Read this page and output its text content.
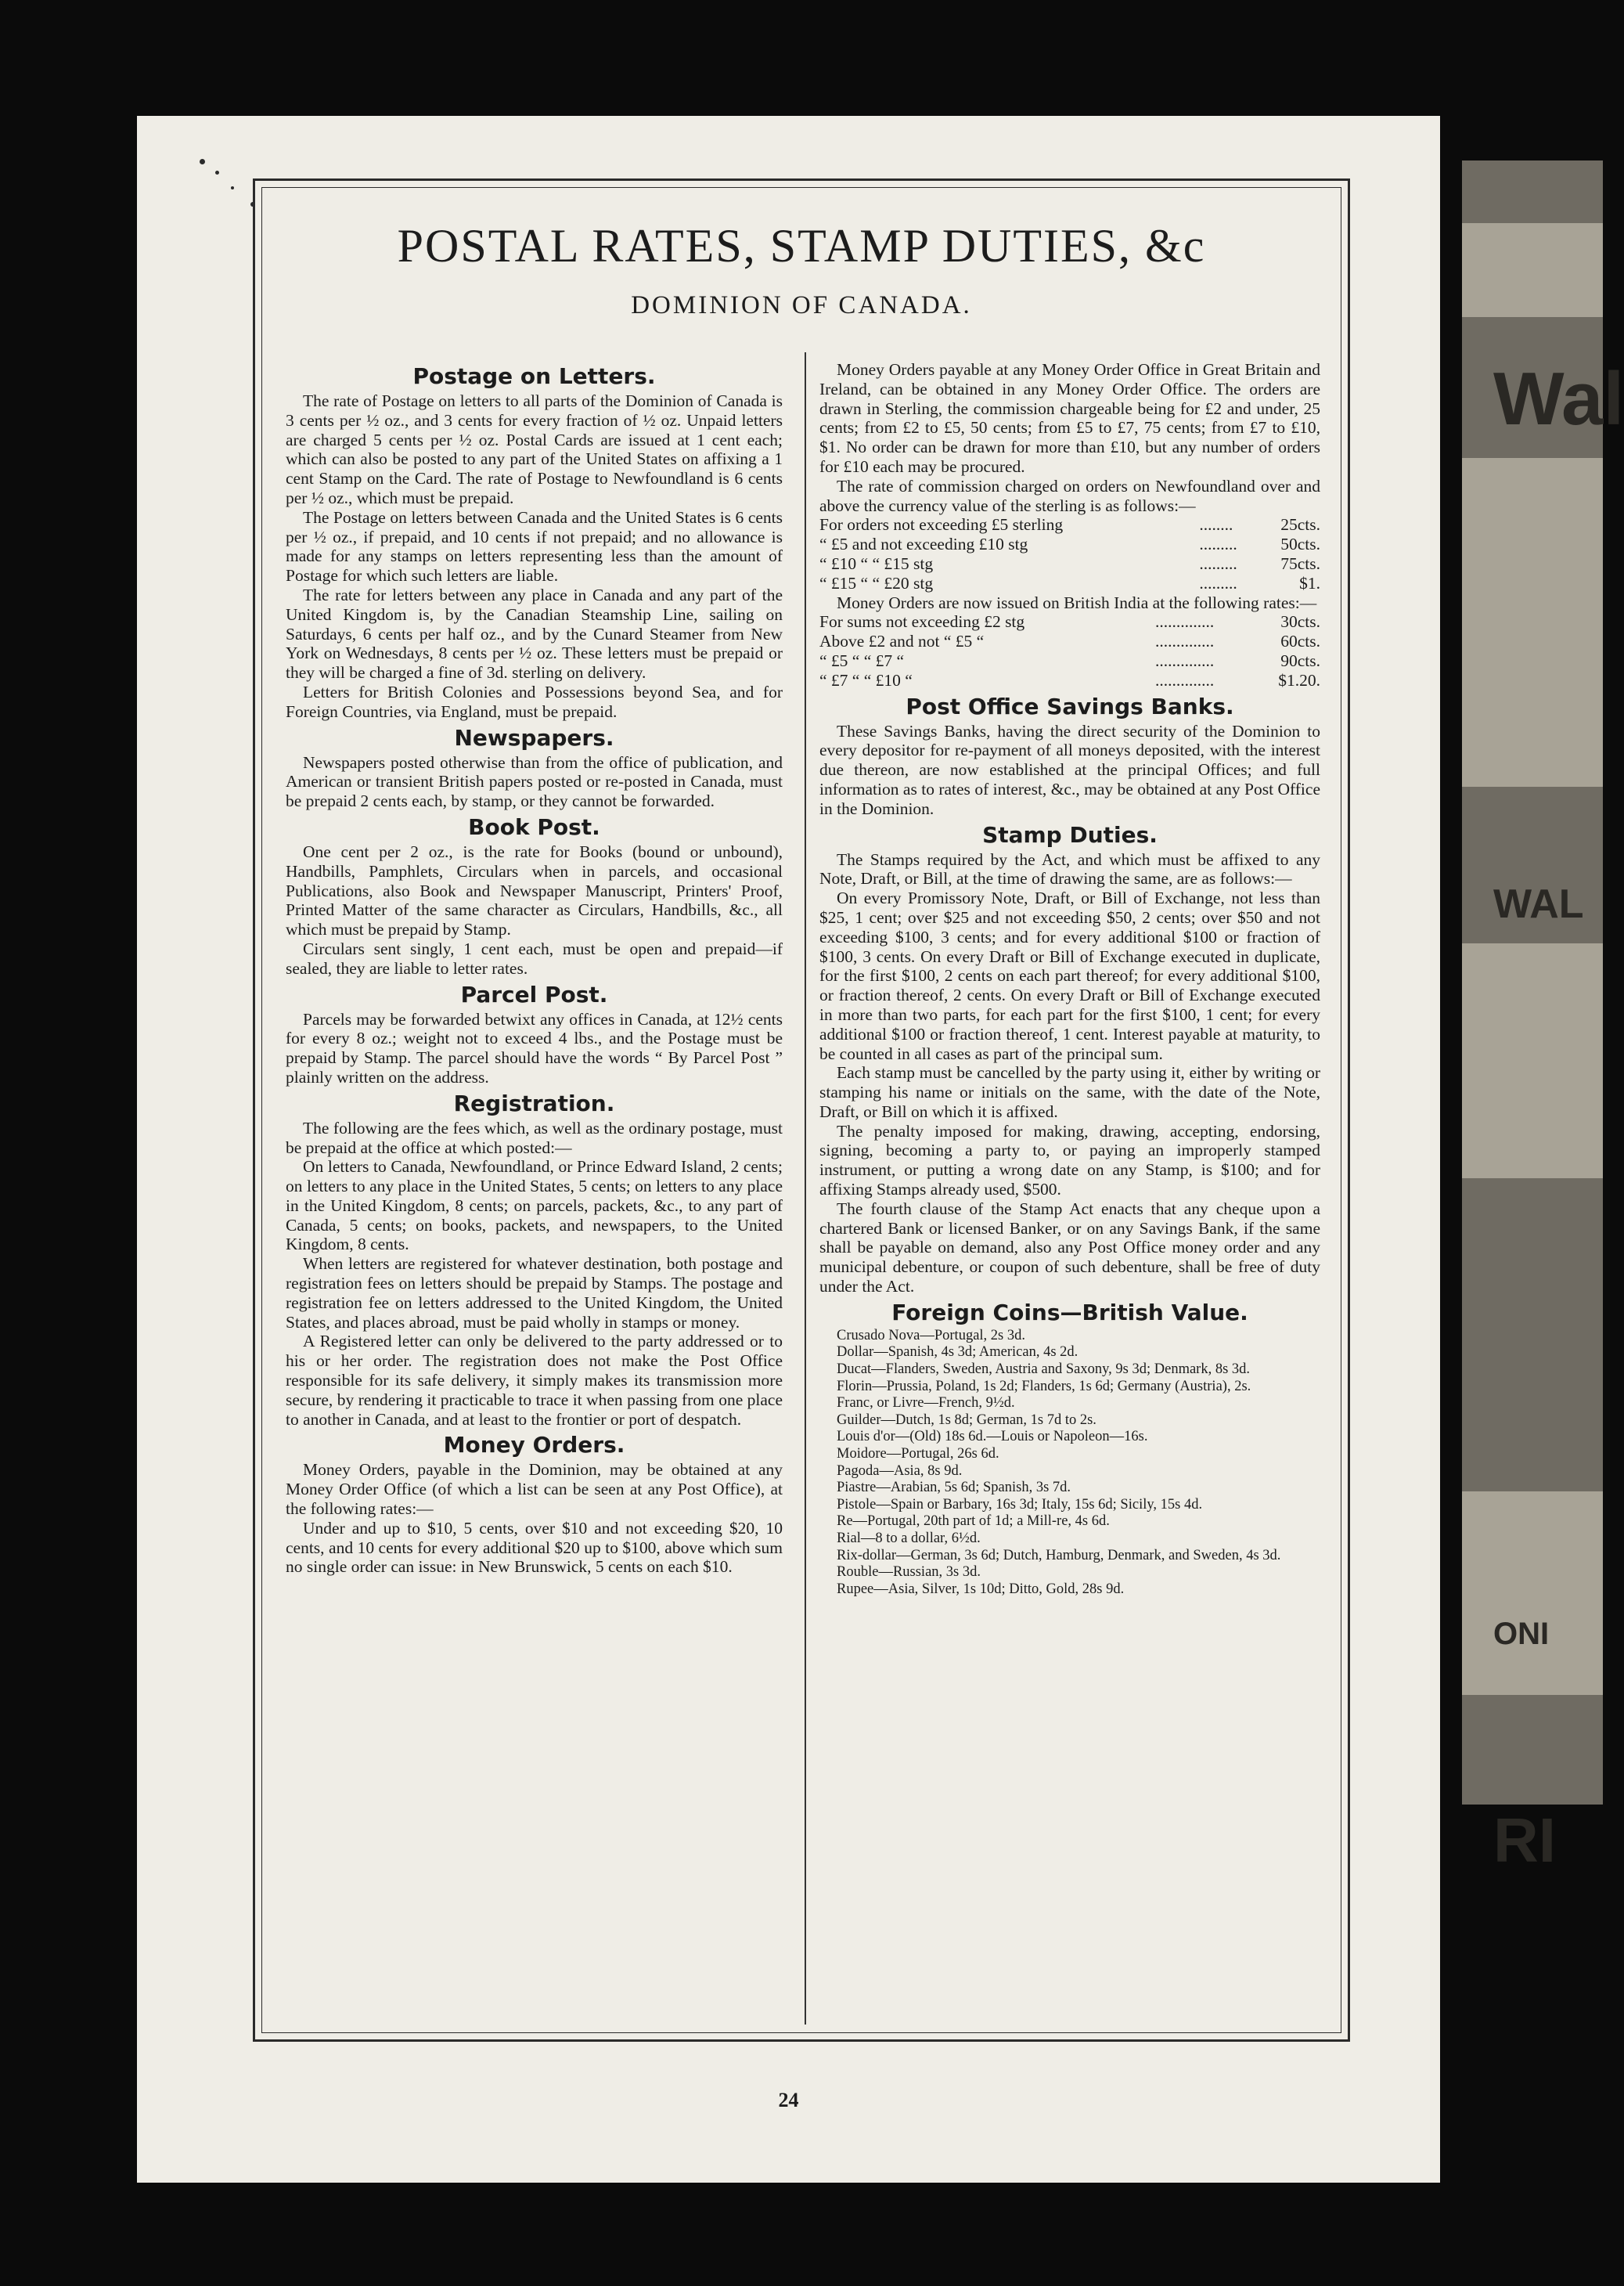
Wal
WAL
RI
ONI
POSTAL RATES, STAMP DUTIES, &c
DOMINION OF CANADA.
Postage on Letters.

The rate of Postage on letters to all parts of the Dominion of Canada is 3 cents per ½ oz., and 3 cents for every fraction of ½ oz. Unpaid letters are charged 5 cents per ½ oz. Postal Cards are issued at 1 cent each; which can also be posted to any part of the United States on affixing a 1 cent Stamp on the Card. The rate of Postage to Newfoundland is 6 cents per ½ oz., which must be prepaid.

The Postage on letters between Canada and the United States is 6 cents per ½ oz., if prepaid, and 10 cents if not prepaid; and no allowance is made for any stamps on letters representing less than the amount of Postage for which such letters are liable.

The rate for letters between any place in Canada and any part of the United Kingdom is, by the Canadian Steamship Line, sailing on Saturdays, 6 cents per half oz., and by the Cunard Steamer from New York on Wednesdays, 8 cents per ½ oz. These letters must be prepaid or they will be charged a fine of 3d. sterling on delivery.

Letters for British Colonies and Possessions beyond Sea, and for Foreign Countries, via England, must be prepaid.

Newspapers.

Newspapers posted otherwise than from the office of publication, and American or transient British papers posted or re-posted in Canada, must be prepaid 2 cents each, by stamp, or they cannot be forwarded.

Book Post.

One cent per 2 oz., is the rate for Books (bound or unbound), Handbills, Pamphlets, Circulars when in parcels, and occasional Publications, also Book and Newspaper Manuscript, Printers' Proof, Printed Matter of the same character as Circulars, Handbills, &c., all which must be prepaid by Stamp.

Circulars sent singly, 1 cent each, must be open and prepaid—if sealed, they are liable to letter rates.

Parcel Post.

Parcels may be forwarded betwixt any offices in Canada, at 12½ cents for every 8 oz.; weight not to exceed 4 lbs., and the Postage must be prepaid by Stamp. The parcel should have the words “ By Parcel Post ” plainly written on the address.

Registration.

The following are the fees which, as well as the ordinary postage, must be prepaid at the office at which posted:—

On letters to Canada, Newfoundland, or Prince Edward Island, 2 cents; on letters to any place in the United States, 5 cents; on letters to any place in the United Kingdom, 8 cents; on parcels, packets, &c., to any part of Canada, 5 cents; on books, packets, and newspapers, to the United Kingdom, 8 cents.

When letters are registered for whatever destination, both postage and registration fees on letters should be prepaid by Stamps. The postage and registration fee on letters addressed to the United Kingdom, the United States, and places abroad, must be paid wholly in stamps or money.

A Registered letter can only be delivered to the party addressed or to his or her order. The registration does not make the Post Office responsible for its safe delivery, it simply makes its transmission more secure, by rendering it practicable to trace it when passing from one place to another in Canada, and at least to the frontier or port of despatch.

Money Orders.

Money Orders, payable in the Dominion, may be obtained at any Money Order Office (of which a list can be seen at any Post Office), at the following rates:—

Under and up to $10, 5 cents, over $10 and not exceeding $20, 10 cents, and 10 cents for every additional $20 up to $100, above which sum no single order can issue: in New Brunswick, 5 cents on each $10.

Money Orders payable at any Money Order Office in Great Britain and Ireland, can be obtained in any Money Order Office. The orders are drawn in Sterling, the commission chargeable being for £2 and under, 25 cents; from £2 to £5, 50 cents; from £5 to £7, 75 cents; from £7 to £10, $1. No order can be drawn for more than £10, but any number of orders for £10 each may be procured.

The rate of commission charged on orders on Newfoundland over and above the currency value of the sterling is as follows:—

For orders not exceeding £5 sterling	........	25cts.
“ £5 and not exceeding £10 stg	.........	50cts.
“ £10 “ “ £15 stg	.........	75cts.
“ £15 “ “ £20 stg	.........	$1.

Money Orders are now issued on British India at the following rates:—

For sums not exceeding £2 stg	..............	30cts.
Above £2 and not “ £5 “	..............	60cts.
“ £5 “ “ £7 “	..............	90cts.
“ £7 “ “ £10 “	..............	$1.20.
Post Office Savings Banks.

These Savings Banks, having the direct security of the Dominion to every depositor for re-payment of all moneys deposited, with the interest due thereon, are now established at the principal Offices; and full information as to rates of interest, &c., may be obtained at any Post Office in the Dominion.

Stamp Duties.

The Stamps required by the Act, and which must be affixed to any Note, Draft, or Bill, at the time of drawing the same, are as follows:—

On every Promissory Note, Draft, or Bill of Exchange, not less than $25, 1 cent; over $25 and not exceeding $50, 2 cents; over $50 and not exceeding $100, 3 cents; and for every additional $100 or fraction of $100, 3 cents. On every Draft or Bill of Exchange executed in duplicate, for the first $100, 2 cents on each part thereof; for every additional $100, or fraction thereof, 2 cents. On every Draft or Bill of Exchange executed in more than two parts, for each part for the first $100, 1 cent; for every additional $100 or fraction thereof, 1 cent. Interest payable at maturity, to be counted in all cases as part of the principal sum.

Each stamp must be cancelled by the party using it, either by writing or stamping his name or initials on the same, with the date of the Note, Draft, or Bill on which it is affixed.

The penalty imposed for making, drawing, accepting, endorsing, signing, becoming a party to, or paying an improperly stamped instrument, or putting a wrong date on any Stamp, is $100; and for affixing Stamps already used, $500.

The fourth clause of the Stamp Act enacts that any cheque upon a chartered Bank or licensed Banker, or on any Savings Bank, if the same shall be payable on demand, also any Post Office money order and any municipal debenture, or coupon of such debenture, shall be free of duty under the Act.

Foreign Coins—British Value.
Crusado Nova—Portugal, 2s 3d.
Dollar—Spanish, 4s 3d; American, 4s 2d.
Ducat—Flanders, Sweden, Austria and Saxony, 9s 3d; Denmark, 8s 3d.
Florin—Prussia, Poland, 1s 2d; Flanders, 1s 6d; Germany (Austria), 2s.
Franc, or Livre—French, 9½d.
Guilder—Dutch, 1s 8d; German, 1s 7d to 2s.
Louis d'or—(Old) 18s 6d.—Louis or Napoleon—16s.
Moidore—Portugal, 26s 6d.
Pagoda—Asia, 8s 9d.
Piastre—Arabian, 5s 6d; Spanish, 3s 7d.
Pistole—Spain or Barbary, 16s 3d; Italy, 15s 6d; Sicily, 15s 4d.
Re—Portugal, 20th part of 1d; a Mill-re, 4s 6d.
Rial—8 to a dollar, 6½d.
Rix-dollar—German, 3s 6d; Dutch, Hamburg, Denmark, and Sweden, 4s 3d.
Rouble—Russian, 3s 3d.
Rupee—Asia, Silver, 1s 10d; Ditto, Gold, 28s 9d.
24
